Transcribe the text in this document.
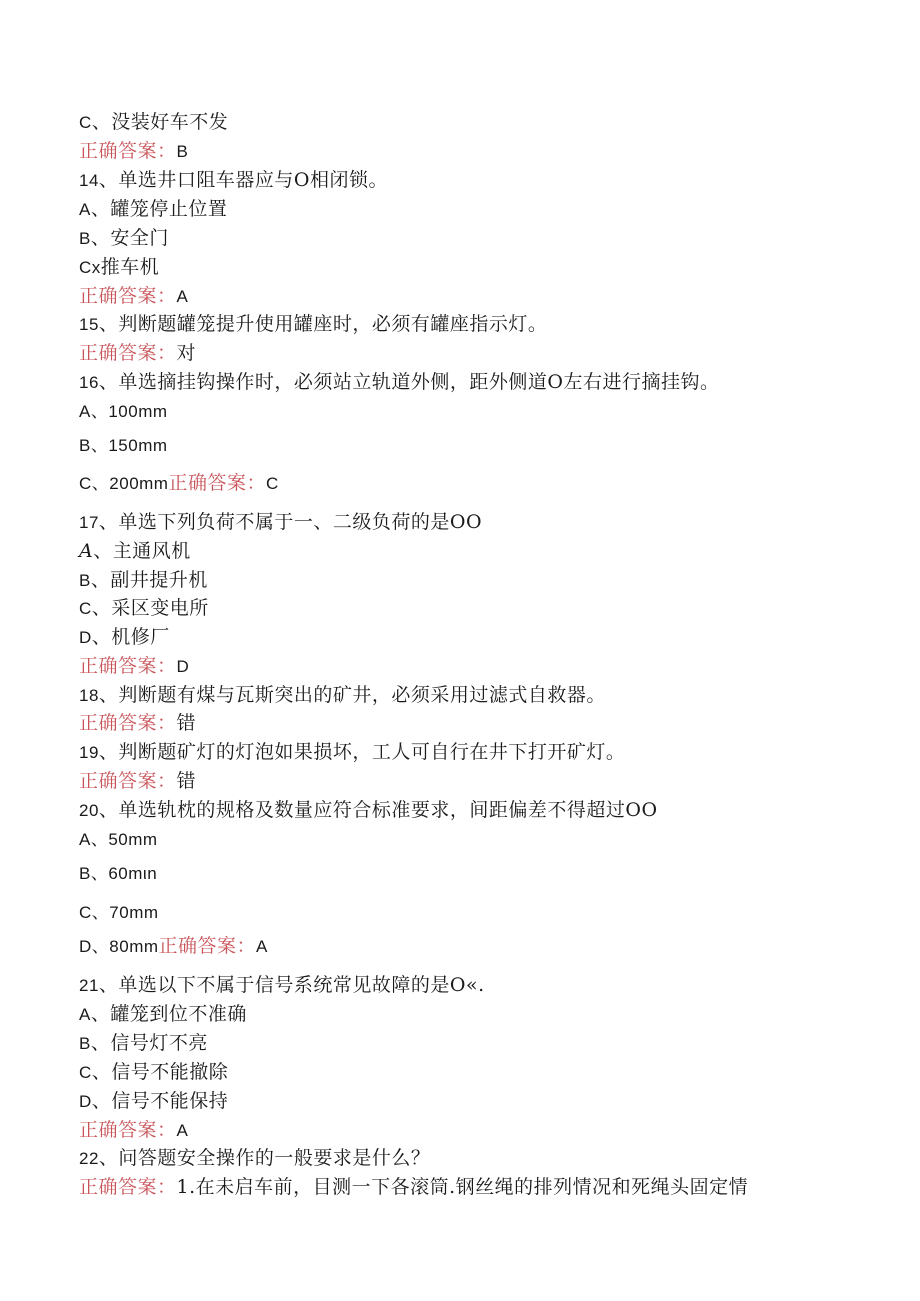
C、没装好车不发
正确答案：B
14、单选井口阻车器应与O相闭锁。
A、罐笼停止位置
B、安全门
Cx推车机
正确答案：A
15、判断题罐笼提升使用罐座时，必须有罐座指示灯。
正确答案：对
16、单选摘挂钩操作时，必须站立轨道外侧，距外侧道O左右进行摘挂钩。
A、100mm
B、150mm
C、200mm正确答案：C
17、单选下列负荷不属于一、二级负荷的是OO
A、主通风机
B、副井提升机
C、采区变电所
D、机修厂
正确答案：D
18、判断题有煤与瓦斯突出的矿井，必须采用过滤式自救器。
正确答案：错
19、判断题矿灯的灯泡如果损坏，工人可自行在井下打开矿灯。
正确答案：错
20、单选轨枕的规格及数量应符合标准要求，间距偏差不得超过OO
A、50mm
B、60mιn
C、70mm
D、80mm正确答案：A
21、单选以下不属于信号系统常见故障的是O«.
A、罐笼到位不准确
B、信号灯不亮
C、信号不能撤除
D、信号不能保持
正确答案：A
22、问答题安全操作的一般要求是什么？
正确答案：1.在未启车前，目测一下各滚筒.钢丝绳的排列情况和死绳头固定情
